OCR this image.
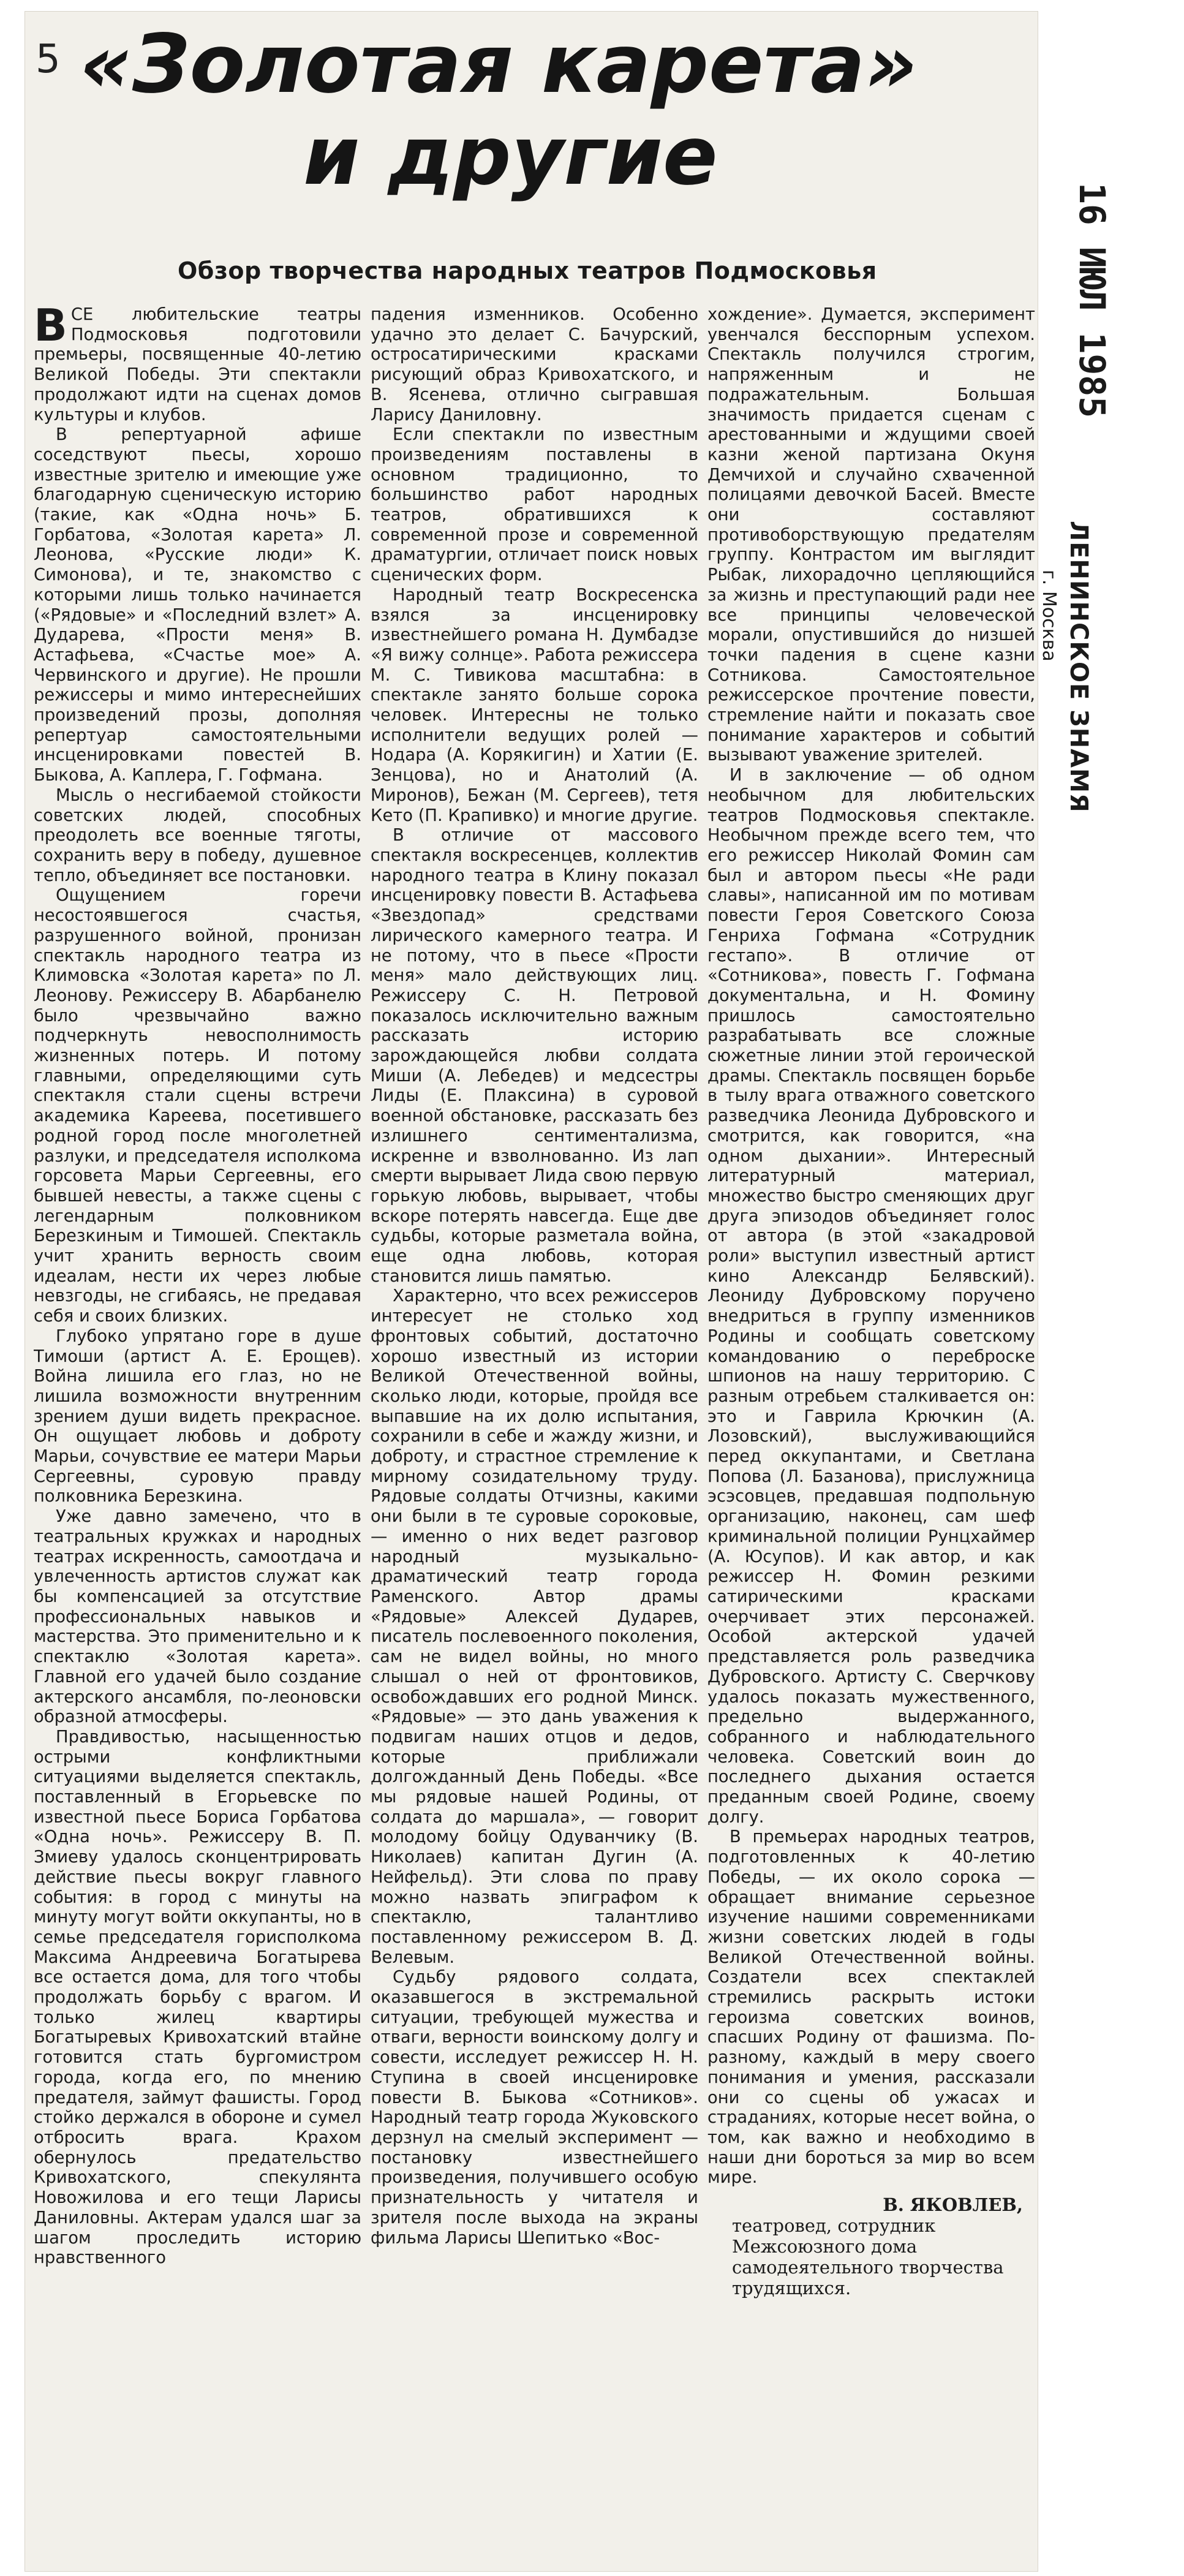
5 «Золотая карета»
и другие
Обзор творчества народных театров Подмосковья

ВСЕ любительские театры Подмосковья подготовили премьеры, посвященные 40-летию Великой Победы. Эти спектакли продолжают идти на сценах домов культуры и клубов.

В репертуарной афише соседствуют пьесы, хорошо известные зрителю и имеющие уже благодарную сценическую историю (такие, как «Одна ночь» Б. Горбатова, «Золотая карета» Л. Леонова, «Русские люди» К. Симонова), и те, знакомство с которыми лишь только начинается («Рядовые» и «Последний взлет» А. Дударева, «Прости меня» В. Астафьева, «Счастье мое» А. Червинского и другие). Не прошли режиссеры и мимо интереснейших произведений прозы, дополняя репертуар самостоятельными инсценировками повестей В. Быкова, А. Каплера, Г. Гофмана.

Мысль о несгибаемой стойкости советских людей, способных преодолеть все военные тяготы, сохранить веру в победу, душевное тепло, объединяет все постановки.

Ощущением горечи несостоявшегося счастья, разрушенного войной, пронизан спектакль народного театра из Климовска «Золотая карета» по Л. Леонову. Режиссеру В. Абарбанелю было чрезвычайно важно подчеркнуть невосполнимость жизненных потерь. И потому главными, определяющими суть спектакля стали сцены встречи академика Кареева, посетившего родной город после многолетней разлуки, и председателя исполкома горсовета Марьи Сергеевны, его бывшей невесты, а также сцены с легендарным полковником Березкиным и Тимошей. Спектакль учит хранить верность своим идеалам, нести их через любые невзгоды, не сгибаясь, не предавая себя и своих близких.

Глубоко упрятано горе в душе Тимоши (артист А. Е. Ерощев). Война лишила его глаз, но не лишила возможности внутренним зрением души видеть прекрасное. Он ощущает любовь и доброту Марьи, сочувствие ее матери Марьи Сергеевны, суровую правду полковника Березкина.

Уже давно замечено, что в театральных кружках и народных театрах искренность, самоотдача и увлеченность артистов служат как бы компенсацией за отсутствие профессиональных навыков и мастерства. Это применительно и к спектаклю «Золотая карета». Главной его удачей было создание актерского ансамбля, по-леоновски образной атмосферы.

Правдивостью, насыщенностью острыми конфликтными ситуациями выделяется спектакль, поставленный в Егорьевске по известной пьесе Бориса Горбатова «Одна ночь». Режиссеру В. П. Змиеву удалось сконцентрировать действие пьесы вокруг главного события: в город с минуты на минуту могут войти оккупанты, но в семье председателя горисполкома Максима Андреевича Богатырева все остается дома, для того чтобы продолжать борьбу с врагом. И только жилец квартиры Богатыревых Кривохатский втайне готовится стать бургомистром города, когда его, по мнению предателя, займут фашисты. Город стойко держался в обороне и сумел отбросить врага. Крахом обернулось предательство Кривохатского, спекулянта Новожилова и его тещи Ларисы Даниловны. Актерам удался шаг за шагом проследить историю нравственного

падения изменников. Особенно удачно это делает С. Бачурский, остросатирическими красками рисующий образ Кривохатского, и В. Ясенева, отлично сыгравшая Ларису Даниловну.

Если спектакли по известным произведениям поставлены в основном традиционно, то большинство работ народных театров, обратившихся к современной прозе и современной драматургии, отличает поиск новых сценических форм.

Народный театр Воскресенска взялся за инсценировку известнейшего романа Н. Думбадзе «Я вижу солнце». Работа режиссера М. С. Тивикова масштабна: в спектакле занято больше сорока человек. Интересны не только исполнители ведущих ролей — Нодара (А. Корякигин) и Хатии (Е. Зенцова), но и Анатолий (А. Миронов), Бежан (М. Сергеев), тетя Кето (П. Крапивко) и многие другие.

В отличие от массового спектакля воскресенцев, коллектив народного театра в Клину показал инсценировку повести В. Астафьева «Звездопад» средствами лирического камерного театра. И не потому, что в пьесе «Прости меня» мало действующих лиц. Режиссеру С. Н. Петровой показалось исключительно важным рассказать историю зарождающейся любви солдата Миши (А. Лебедев) и медсестры Лиды (Е. Плаксина) в суровой военной обстановке, рассказать без излишнего сентиментализма, искренне и взволнованно. Из лап смерти вырывает Лида свою первую горькую любовь, вырывает, чтобы вскоре потерять навсегда. Еще две судьбы, которые разметала война, еще одна любовь, которая становится лишь памятью.

Характерно, что всех режиссеров интересует не столько ход фронтовых событий, достаточно хорошо известный из истории Великой Отечественной войны, сколько люди, которые, пройдя все выпавшие на их долю испытания, сохранили в себе и жажду жизни, и доброту, и страстное стремление к мирному созидательному труду. Рядовые солдаты Отчизны, какими они были в те суровые сороковые, — именно о них ведет разговор народный музыкально-драматический театр города Раменского. Автор драмы «Рядовые» Алексей Дударев, писатель послевоенного поколения, сам не видел войны, но много слышал о ней от фронтовиков, освобождавших его родной Минск. «Рядовые» — это дань уважения к подвигам наших отцов и дедов, которые приближали долгожданный День Победы. «Все мы рядовые нашей Родины, от солдата до маршала», — говорит молодому бойцу Одуванчику (В. Николаев) капитан Дугин (А. Нейфельд). Эти слова по праву можно назвать эпиграфом к спектаклю, талантливо поставленному режиссером В. Д. Велевым.

Судьбу рядового солдата, оказавшегося в экстремальной ситуации, требующей мужества и отваги, верности воинскому долгу и совести, исследует режиссер Н. Н. Ступина в своей инсценировке повести В. Быкова «Сотников». Народный театр города Жуковского дерзнул на смелый эксперимент — постановку известнейшего произведения, получившего особую признательность у читателя и зрителя после выхода на экраны фильма Ларисы Шепитько «Вос-

хождение». Думается, эксперимент увенчался бесспорным успехом. Спектакль получился строгим, напряженным и не подражательным. Большая значимость придается сценам с арестованными и ждущими своей казни женой партизана Окуня Демчихой и случайно схваченной полицаями девочкой Басей. Вместе они составляют противоборствующую предателям группу. Контрастом им выглядит Рыбак, лихорадочно цепляющийся за жизнь и преступающий ради нее все принципы человеческой морали, опустившийся до низшей точки падения в сцене казни Сотникова. Самостоятельное режиссерское прочтение повести, стремление найти и показать свое понимание характеров и событий вызывают уважение зрителей.

И в заключение — об одном необычном для любительских театров Подмосковья спектакле. Необычном прежде всего тем, что его режиссер Николай Фомин сам был и автором пьесы «Не ради славы», написанной им по мотивам повести Героя Советского Союза Генриха Гофмана «Сотрудник гестапо». В отличие от «Сотникова», повесть Г. Гофмана документальна, и Н. Фомину пришлось самостоятельно разрабатывать все сложные сюжетные линии этой героической драмы. Спектакль посвящен борьбе в тылу врага отважного советского разведчика Леонида Дубровского и смотрится, как говорится, «на одном дыхании». Интересный литературный материал, множество быстро сменяющих друг друга эпизодов объединяет голос от автора (в этой «закадровой роли» выступил известный артист кино Александр Белявский). Леониду Дубровскому поручено внедриться в группу изменников Родины и сообщать советскому командованию о переброске шпионов на нашу территорию. С разным отребьем сталкивается он: это и Гаврила Крючкин (А. Лозовский), выслуживающийся перед оккупантами, и Светлана Попова (Л. Базанова), прислужница эсэсовцев, предавшая подпольную организацию, наконец, сам шеф криминальной полиции Рунцхаймер (А. Юсупов). И как автор, и как режиссер Н. Фомин резкими сатирическими красками очерчивает этих персонажей. Особой актерской удачей представляется роль разведчика Дубровского. Артисту С. Сверчкову удалось показать мужественного, предельно выдержанного, собранного и наблюдательного человека. Советский воин до последнего дыхания остается преданным своей Родине, своему долгу.

В премьерах народных театров, подготовленных к 40-летию Победы, — их около сорока — обращает внимание серьезное изучение нашими современниками жизни советских людей в годы Великой Отечественной войны. Создатели всех спектаклей стремились раскрыть истоки героизма советских воинов, спасших Родину от фашизма. По-разному, каждый в меру своего понимания и умения, рассказали они со сцены об ужасах и страданиях, которые несет война, о том, как важно и необходимо в наши дни бороться за мир во всем мире.

В. ЯКОВЛЕВ,
театровед, сотрудник Межсоюзного дома самодеятельного творчества трудящихся.
16 ИЮЛ 1985
ЛЕНИНСКОЕ ЗНАМЯ
г. Москва
